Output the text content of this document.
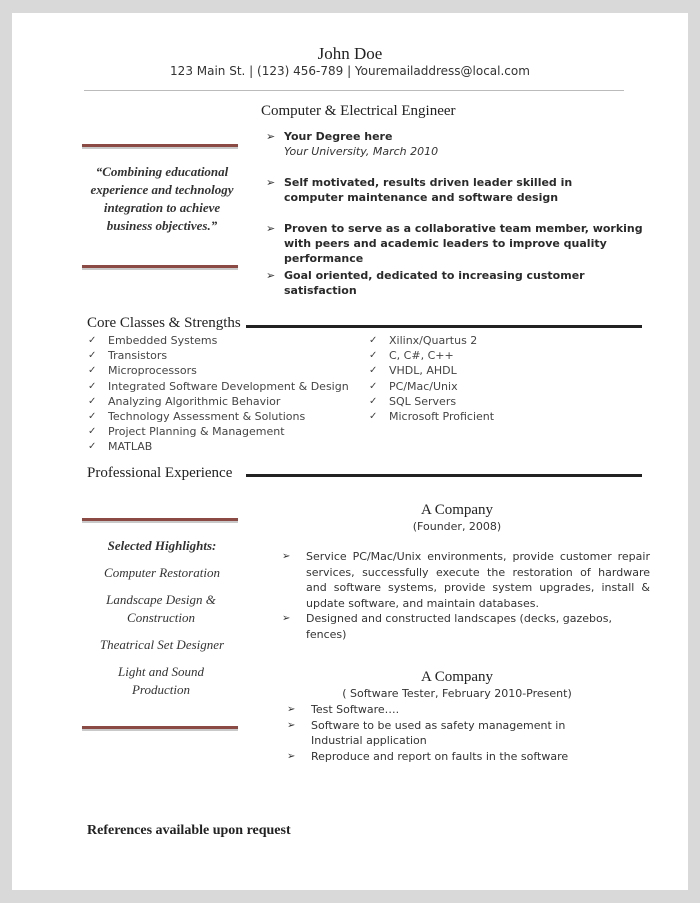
John Doe
123 Main St. | (123) 456-789 | Youremailaddress@local.com
Computer & Electrical Engineer
“Combining educational experience and technology integration to achieve business objectives.”
➢ Your Degree here
Your University, March 2010
➢ Self motivated, results driven leader skilled in computer maintenance and software design
➢ Proven to serve as a collaborative team member, working with peers and academic leaders to improve quality performance
➢ Goal oriented, dedicated to increasing customer satisfaction
Core Classes & Strengths
✓ Embedded Systems
✓ Transistors
✓ Microprocessors
✓ Integrated Software Development & Design
✓ Analyzing Algorithmic Behavior
✓ Technology Assessment & Solutions
✓ Project Planning & Management
✓ MATLAB
✓ Xilinx/Quartus 2
✓ C, C#, C++
✓ VHDL, AHDL
✓ PC/Mac/Unix
✓ SQL Servers
✓ Microsoft Proficient
Professional Experience
Selected Highlights:
Computer Restoration
Landscape Design & Construction
Theatrical Set Designer
Light and Sound Production
A Company
(Founder, 2008)
➢ Service PC/Mac/Unix environments, provide customer repair services, successfully execute the restoration of hardware and software systems, provide system upgrades, install & update software, and maintain databases.
➢ Designed and constructed landscapes (decks, gazebos, fences)
A Company
( Software Tester, February 2010-Present)
➢ Test Software….
➢ Software to be used as safety management in Industrial application
➢ Reproduce and report on faults in the software
References available upon request
